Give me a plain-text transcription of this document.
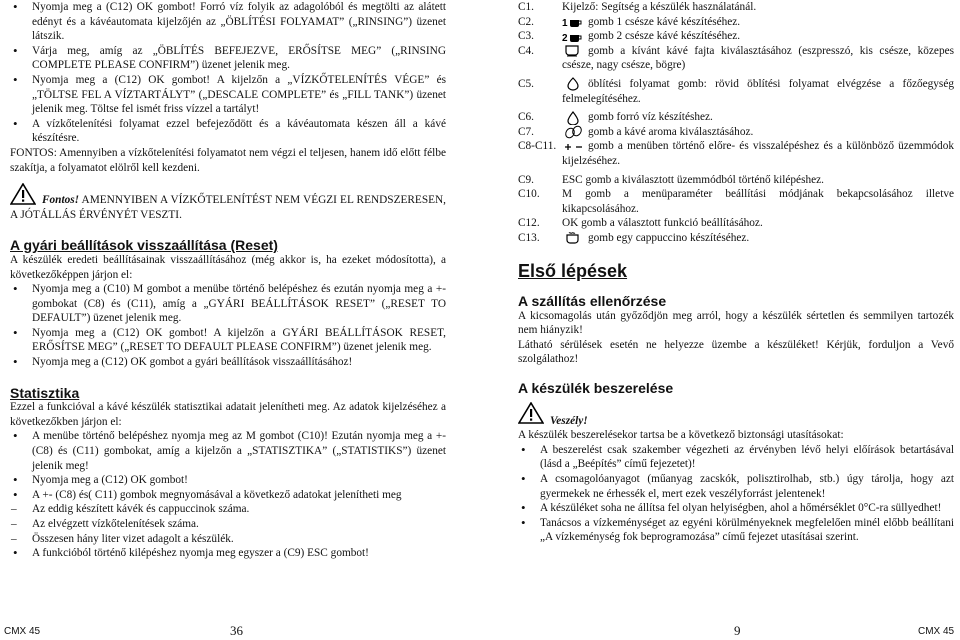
• Nyomja meg a (C12) OK gombot! Forró víz folyik az adagolóból és megtölti az alátett edényt és a kávéautomata kijelzőjén az „ÖBLÍTÉSI FOLYAMAT” („RINSING”) üzenet látszik.
• Várja meg, amíg az „ÖBLÍTÉS BEFEJEZVE, ERŐSÍTSE MEG” („RINSING COMPLETE PLEASE CONFIRM”) üzenet jelenik meg.
• Nyomja meg a (C12) OK gombot! A kijelzőn a „VÍZKŐTELENÍTÉS VÉGE” és „TÖLTSE FEL A VÍZTARTÁLYT” („DESCALE COMPLETE” és „FILL TANK”) üzenet jelenik meg. Töltse fel ismét friss vízzel a tartályt!
• A vízkőtelenítési folyamat ezzel befejeződött és a kávéautomata készen áll a kávé készítésre.

FONTOS: Amennyiben a vízkőtelenítési folyamatot nem végzi el teljesen, hanem idő előtt félbe szakítja, a folyamatot elölről kell kezdeni.

Fontos! AMENNYIBEN A VÍZKŐTELENÍTÉST NEM VÉGZI EL RENDSZERESEN, A JÓTÁLLÁS ÉRVÉNYÉT VESZTI.

A gyári beállítások visszaállítása (Reset)

A készülék eredeti beállításainak visszaállításához (még akkor is, ha ezeket módosította), a következőképpen járjon el:

• Nyomja meg a (C10) M gombot a menübe történő belépéshez és ezután nyomja meg a +- gombokat (C8) és (C11), amíg a „GYÁRI BEÁLLÍTÁSOK RESET” („RESET TO DEFAULT”) üzenet jelenik meg.
• Nyomja meg a (C12) OK gombot! A kijelzőn a GYÁRI BEÁLLÍTÁSOK RESET, ERŐSÍTSE MEG” („RESET TO DEFAULT PLEASE CONFIRM”) üzenet jelenik meg.
• Nyomja meg a (C12) OK gombot a gyári beállítások visszaállításához!
Statisztika

Ezzel a funkcióval a kávé készülék statisztikai adatait jelenítheti meg. Az adatok kijelzéséhez a következőkben járjon el:

• A menübe történő belépéshez nyomja meg az M gombot (C10)! Ezután nyomja meg a +- (C8) és (C11) gombokat, amíg a kijelzőn a „STATISZTIKA” („STATISTIKS”) üzenet jelenik meg!
• Nyomja meg a (C12) OK gombot!
• A +- (C8) és( C11) gombok megnyomásával a következő adatokat jelenítheti meg
– Az eddig készített kávék és cappuccinok száma.
– Az elvégzett vízkőtelenítések száma.
– Összesen hány liter vizet adagolt a készülék.
• A funkcióból történő kilépéshez nyomja meg egyszer a (C9) ESC gombot!
C1.	Kijelző: Segítség a készülék használatánál.
C2.	1 gomb 1 csésze kávé készítéséhez.
C3.	2 gomb 2 csésze kávé készítéséhez.
C4.	gomb a kívánt kávé fajta kiválasztásához (eszpresszó, kis csésze, közepes csésze, nagy csésze, bögre)
C5.	öblítési folyamat gomb: rövid öblítési folyamat elvégzése a főzőegység felmelegítéséhez.
C6.	gomb forró víz készítéshez.
C7.	gomb a kávé aroma kiválasztásához.
C8-C11.	gomb a menüben történő előre- és visszalépéshez és a különböző üzemmódok kijelzéséhez.
C9.	ESC gomb a kiválasztott üzemmódból történő kilépéshez.
C10.	M gomb a menüparaméter beállítási módjának bekapcsolásához illetve kikapcsolásához.
C12.	OK gomb a választott funkció beállításához.
C13.	gomb egy cappuccino készítéséhez.
Első lépések
A szállítás ellenőrzése

A kicsomagolás után győződjön meg arról, hogy a készülék sértetlen és semmilyen tartozék nem hiányzik!

Látható sérülések esetén ne helyezze üzembe a készüléket! Kérjük, forduljon a Vevő szolgálathoz!

A készülék beszerelése
Veszély!

A készülék beszerelésekor tartsa be a következő biztonsági utasításokat:

• A beszerelést csak szakember végezheti az érvényben lévő helyi előírások betartásával (lásd a „Beépítés” című fejezetet)!
• A csomagolóanyagot (műanyag zacskók, polisztirolhab, stb.) úgy tárolja, hogy azt gyermekek ne érhessék el, mert ezek veszélyforrást jelentenek!
• A készüléket soha ne állítsa fel olyan helyiségben, ahol a hőmérséklet 0°C-ra süllyedhet!
• Tanácsos a vízkeménységet az egyéni körülményeknek megfelelően minél előbb beállítani „A vízkeménység fok beprogramozása” című fejezet utasításai szerint.
CMX 45	36	9	CMX 45
